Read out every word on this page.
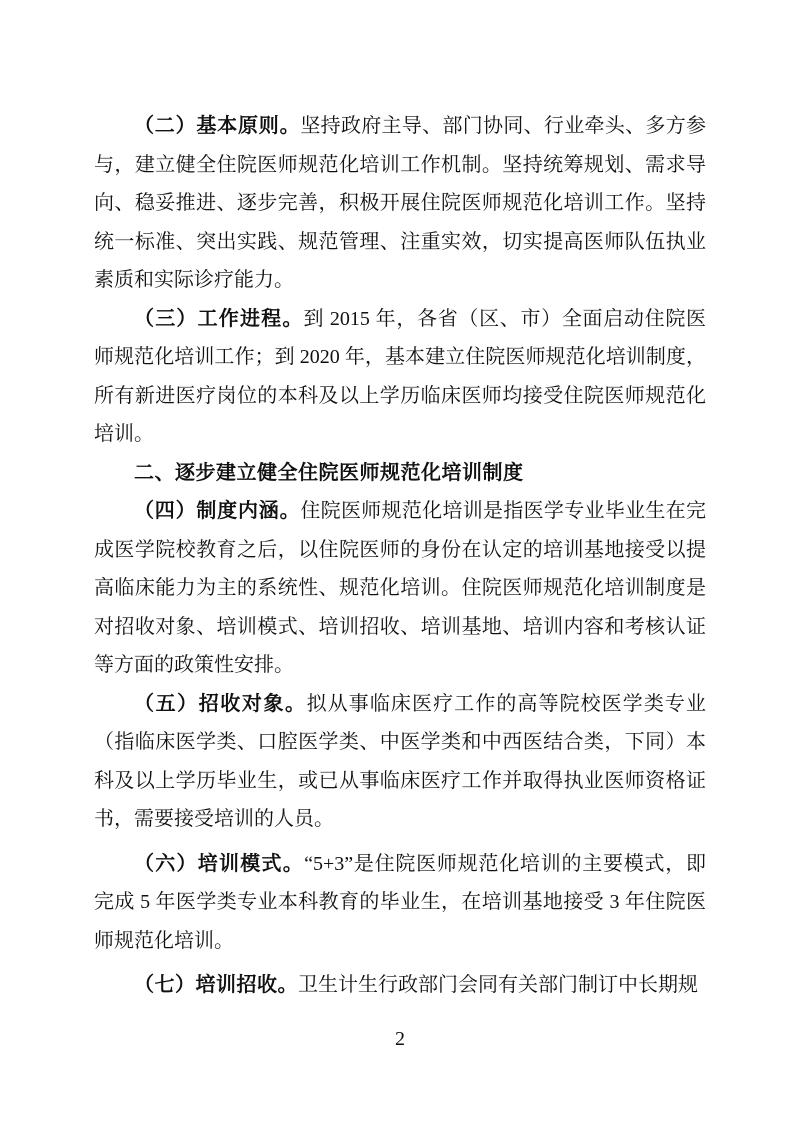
（二）基本原则。坚持政府主导、部门协同、行业牵头、多方参与，建立健全住院医师规范化培训工作机制。坚持统筹规划、需求导向、稳妥推进、逐步完善，积极开展住院医师规范化培训工作。坚持统一标准、突出实践、规范管理、注重实效，切实提高医师队伍执业素质和实际诊疗能力。

（三）工作进程。到 2015 年，各省（区、市）全面启动住院医师规范化培训工作；到 2020 年，基本建立住院医师规范化培训制度，所有新进医疗岗位的本科及以上学历临床医师均接受住院医师规范化培训。

二、逐步建立健全住院医师规范化培训制度

（四）制度内涵。住院医师规范化培训是指医学专业毕业生在完成医学院校教育之后，以住院医师的身份在认定的培训基地接受以提高临床能力为主的系统性、规范化培训。住院医师规范化培训制度是对招收对象、培训模式、培训招收、培训基地、培训内容和考核认证等方面的政策性安排。

（五）招收对象。拟从事临床医疗工作的高等院校医学类专业（指临床医学类、口腔医学类、中医学类和中西医结合类，下同）本科及以上学历毕业生，或已从事临床医疗工作并取得执业医师资格证书，需要接受培训的人员。

（六）培训模式。“5+3”是住院医师规范化培训的主要模式，即完成 5 年医学类专业本科教育的毕业生，在培训基地接受 3 年住院医师规范化培训。

（七）培训招收。卫生计生行政部门会同有关部门制订中长期规

2
